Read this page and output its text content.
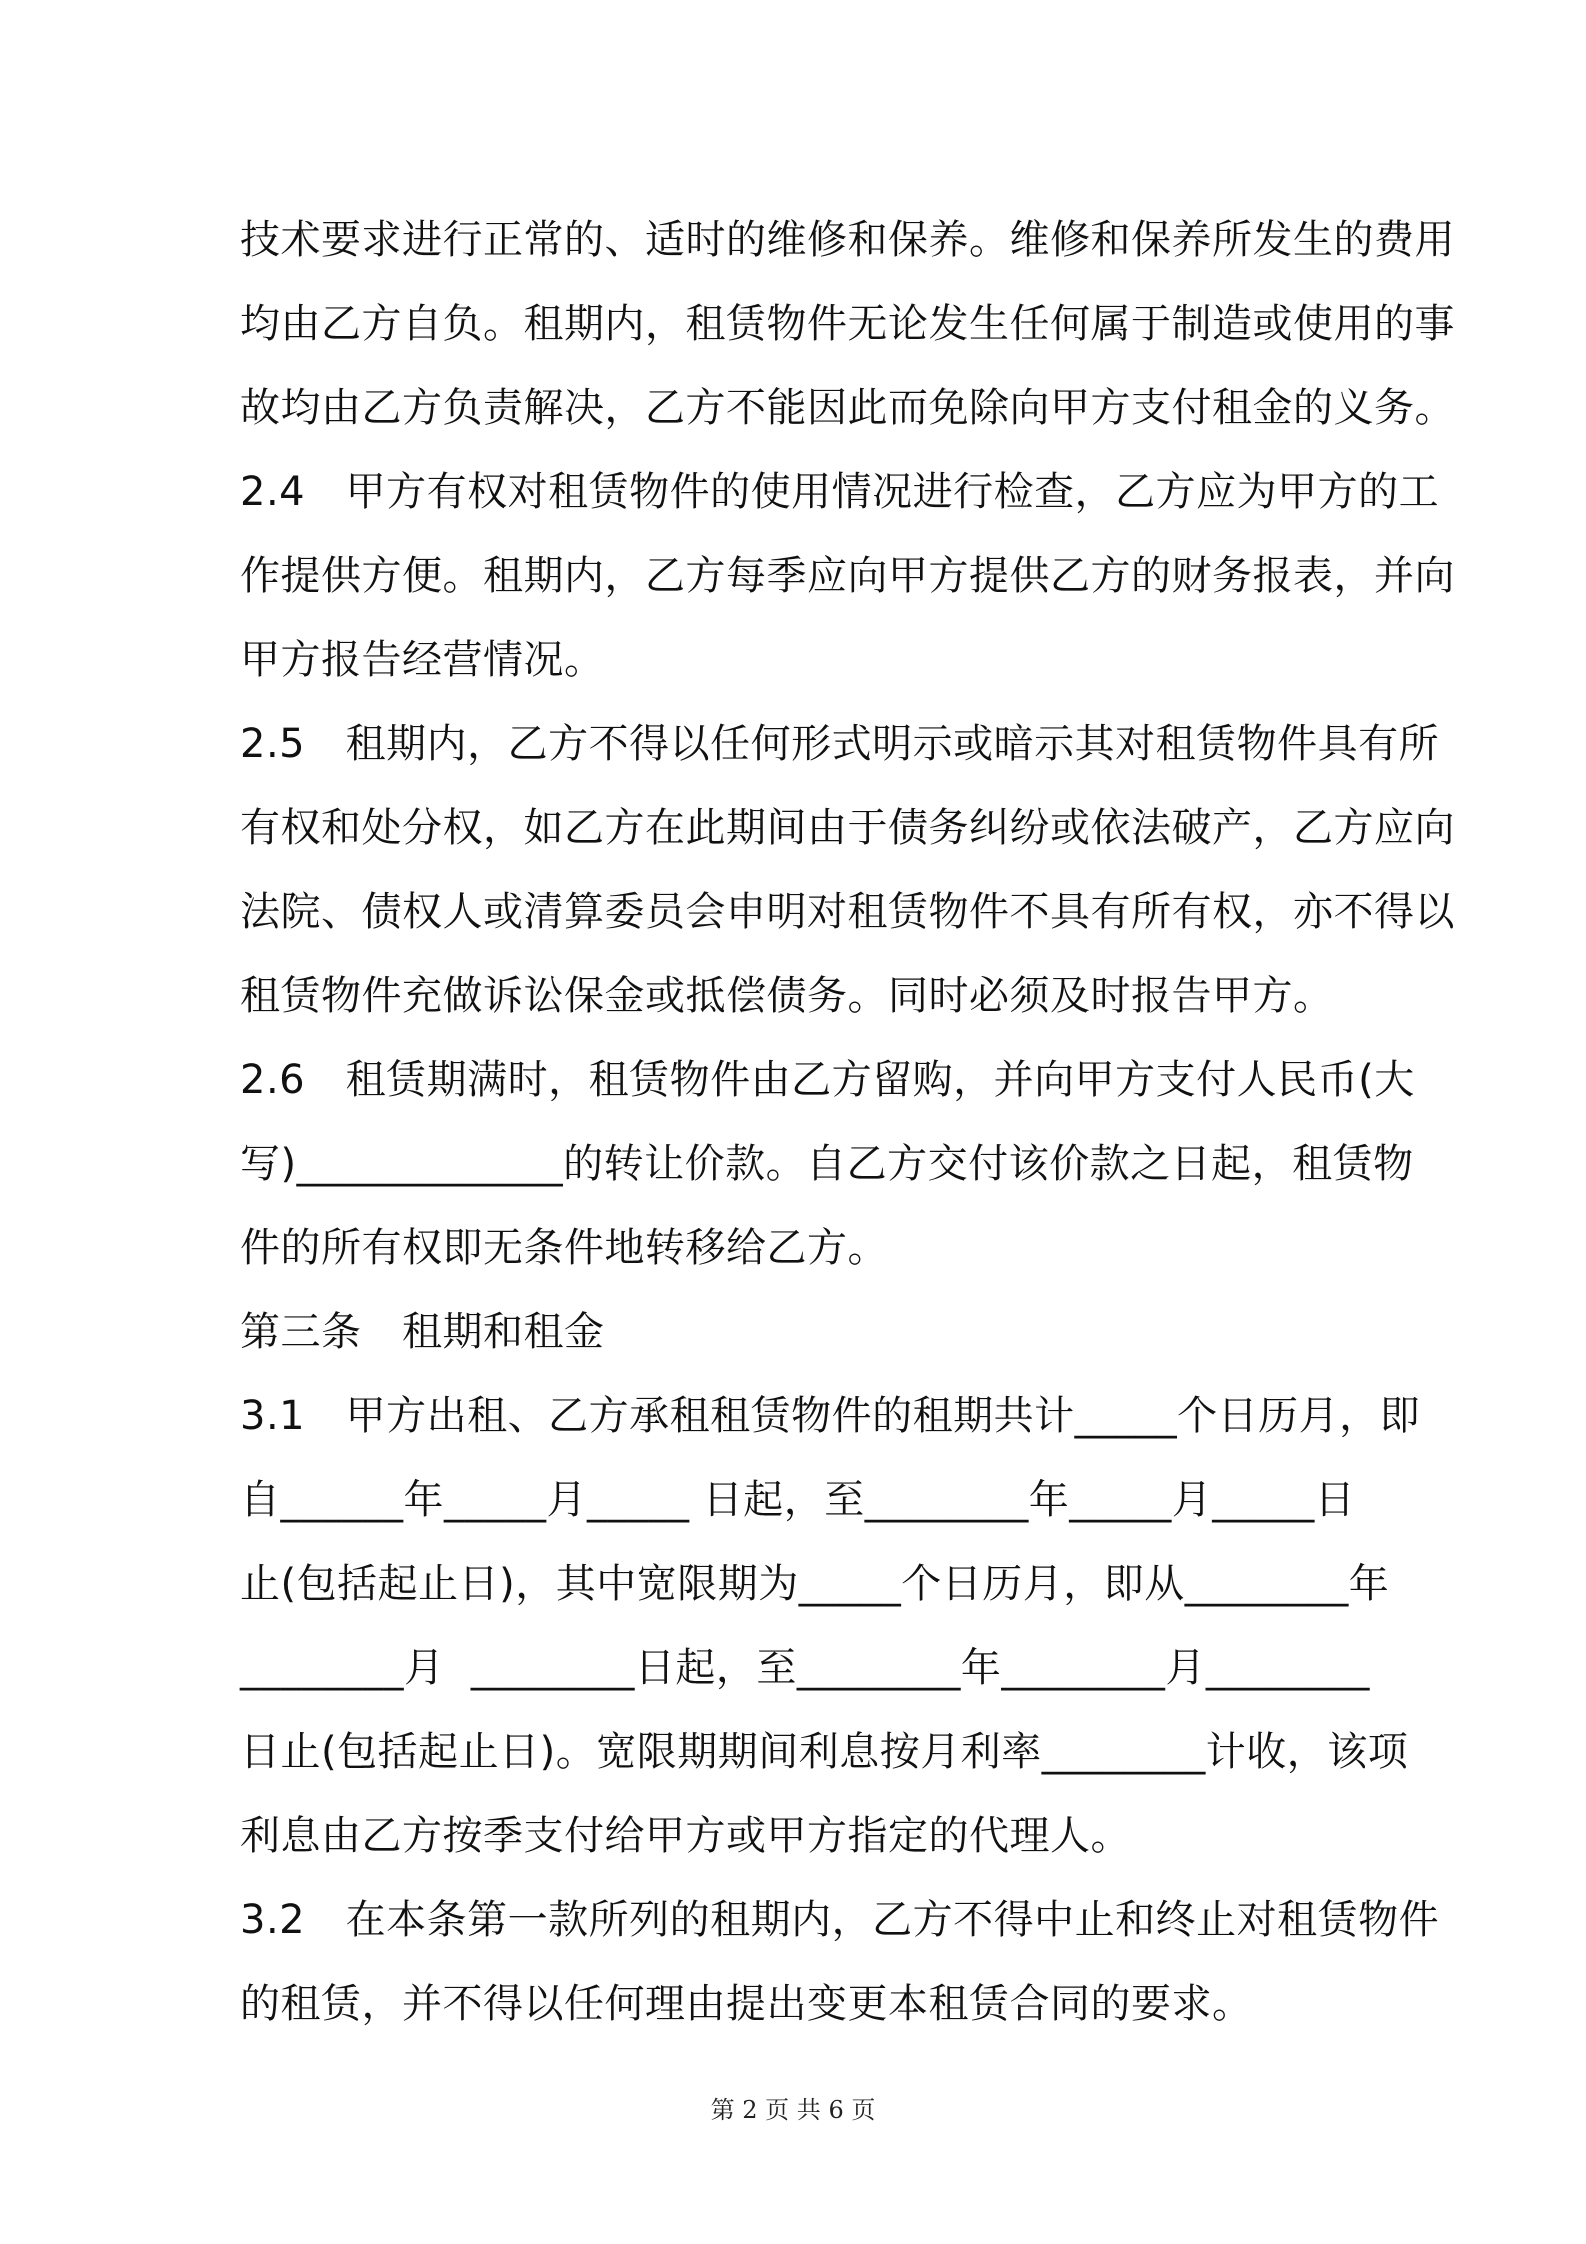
技术要求进行正常的、适时的维修和保养。维修和保养所发生的费用
均由乙方自负。租期内，租赁物件无论发生任何属于制造或使用的事
故均由乙方负责解决，乙方不能因此而免除向甲方支付租金的义务。
2.4　甲方有权对租赁物件的使用情况进行检查，乙方应为甲方的工
作提供方便。租期内，乙方每季应向甲方提供乙方的财务报表，并向
甲方报告经营情况。
2.5　租期内，乙方不得以任何形式明示或暗示其对租赁物件具有所
有权和处分权，如乙方在此期间由于债务纠纷或依法破产，乙方应向
法院、债权人或清算委员会申明对租赁物件不具有所有权，亦不得以
租赁物件充做诉讼保金或抵偿债务。同时必须及时报告甲方。
2.6　租赁期满时，租赁物件由乙方留购，并向甲方支付人民币(大
写)_____________的转让价款。自乙方交付该价款之日起，租赁物
件的所有权即无条件地转移给乙方。
第三条　租期和租金
3.1　甲方出租、乙方承租租赁物件的租期共计_____个日历月，即
自______年_____月_____ 日起，至________年_____月_____日
止(包括起止日)，其中宽限期为_____个日历月，即从________年
________月  ________日起，至________年________月________
日止(包括起止日)。宽限期期间利息按月利率________计收，该项
利息由乙方按季支付给甲方或甲方指定的代理人。
3.2　在本条第一款所列的租期内，乙方不得中止和终止对租赁物件
的租赁，并不得以任何理由提出变更本租赁合同的要求。
第 2 页 共 6 页
